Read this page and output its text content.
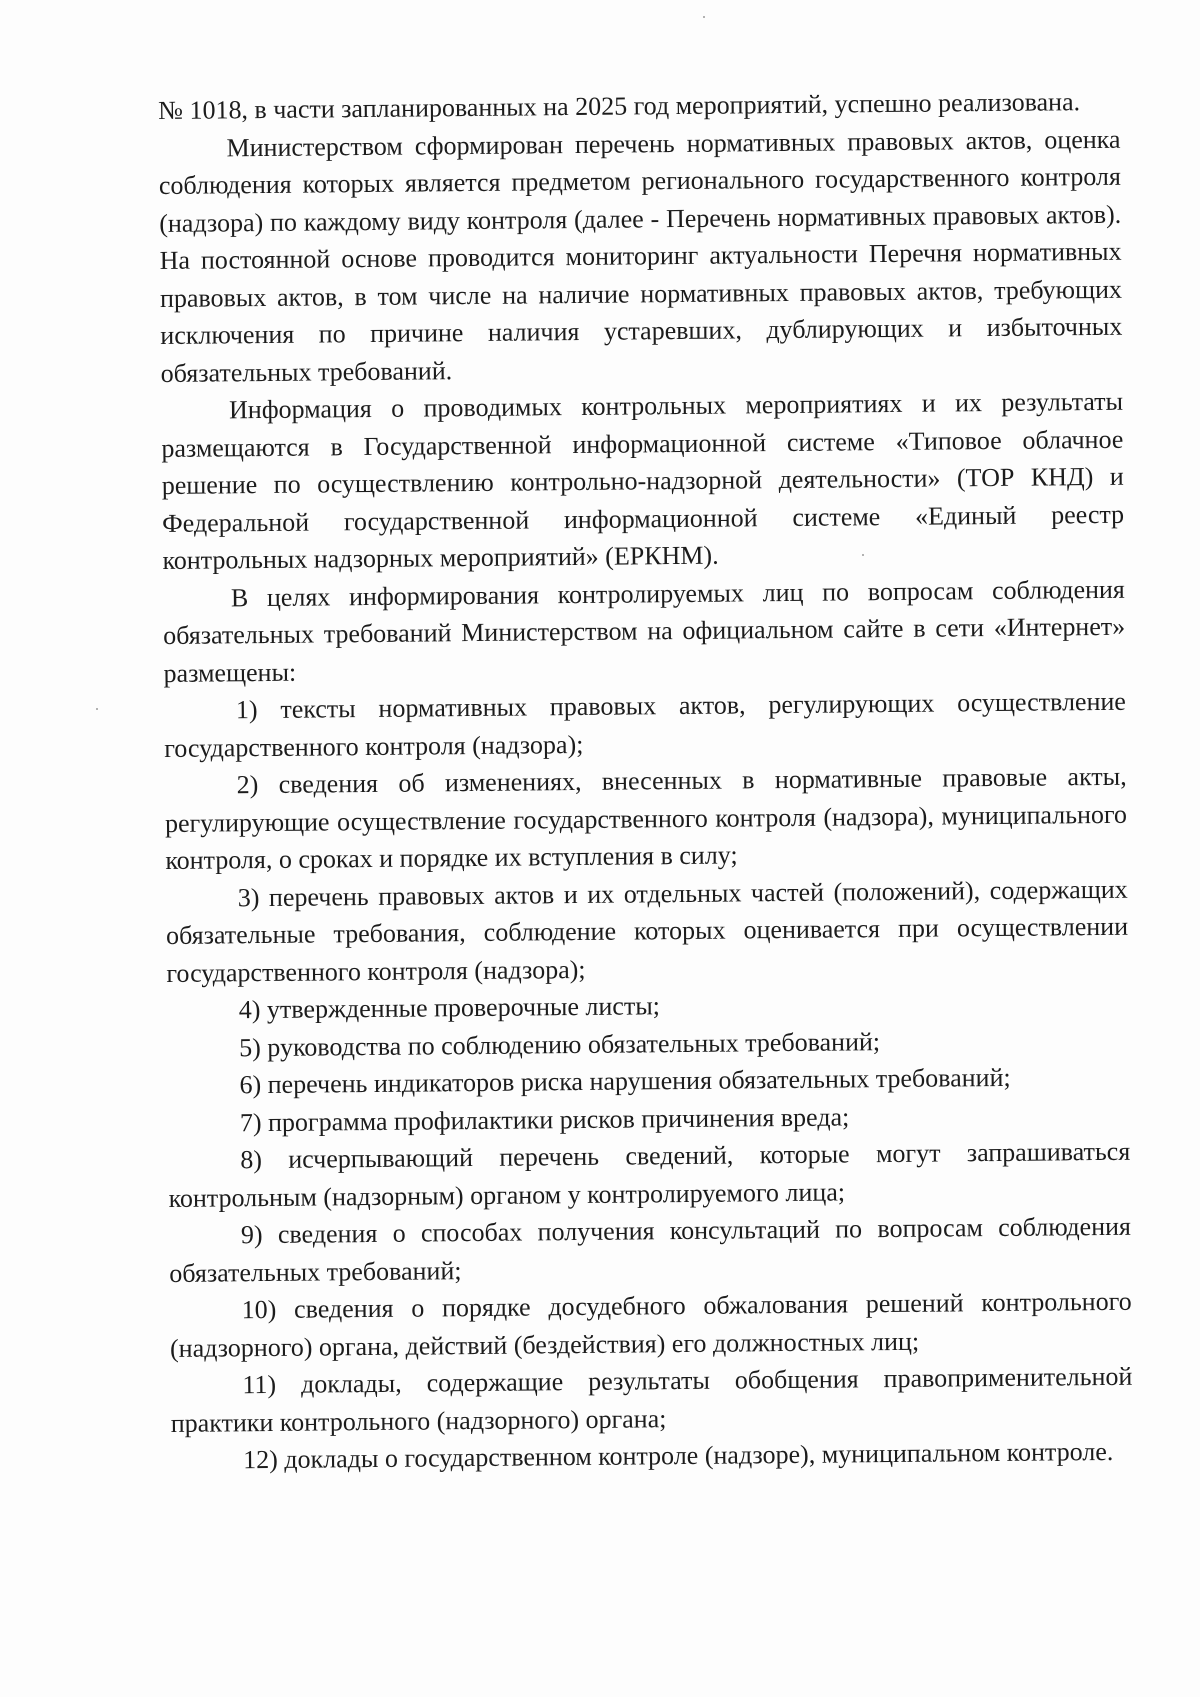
№ 1018, в части запланированных на 2025 год мероприятий, успешно реализована.

Министерством сформирован перечень нормативных правовых актов, оценка соблюдения которых является предметом регионального государственного контроля (надзора) по каждому виду контроля (далее - Перечень нормативных правовых актов). На постоянной основе проводится мониторинг актуальности Перечня нормативных правовых актов, в том числе на наличие нормативных правовых актов, требующих исключения по причине наличия устаревших, дублирующих и избыточных обязательных требований.

Информация о проводимых контрольных мероприятиях и их результаты размещаются в Государственной информационной системе «Типовое облачное решение по осуществлению контрольно-надзорной деятельности» (ТОР КНД) и Федеральной государственной информационной системе «Единый реестр контрольных надзорных мероприятий» (ЕРКНМ).

В целях информирования контролируемых лиц по вопросам соблюдения обязательных требований Министерством на официальном сайте в сети «Интернет» размещены:

1) тексты нормативных правовых актов, регулирующих осуществление государственного контроля (надзора);

2) сведения об изменениях, внесенных в нормативные правовые акты, регулирующие осуществление государственного контроля (надзора), муниципального контроля, о сроках и порядке их вступления в силу;

3) перечень правовых актов и их отдельных частей (положений), содержащих обязательные требования, соблюдение которых оценивается при осуществлении государственного контроля (надзора);

4) утвержденные проверочные листы;

5) руководства по соблюдению обязательных требований;

6) перечень индикаторов риска нарушения обязательных требований;

7) программа профилактики рисков причинения вреда;

8) исчерпывающий перечень сведений, которые могут запрашиваться контрольным (надзорным) органом у контролируемого лица;

9) сведения о способах получения консультаций по вопросам соблюдения обязательных требований;

10) сведения о порядке досудебного обжалования решений контрольного (надзорного) органа, действий (бездействия) его должностных лиц;

11) доклады, содержащие результаты обобщения правоприменительной практики контрольного (надзорного) органа;

12) доклады о государственном контроле (надзоре), муниципальном контроле.
